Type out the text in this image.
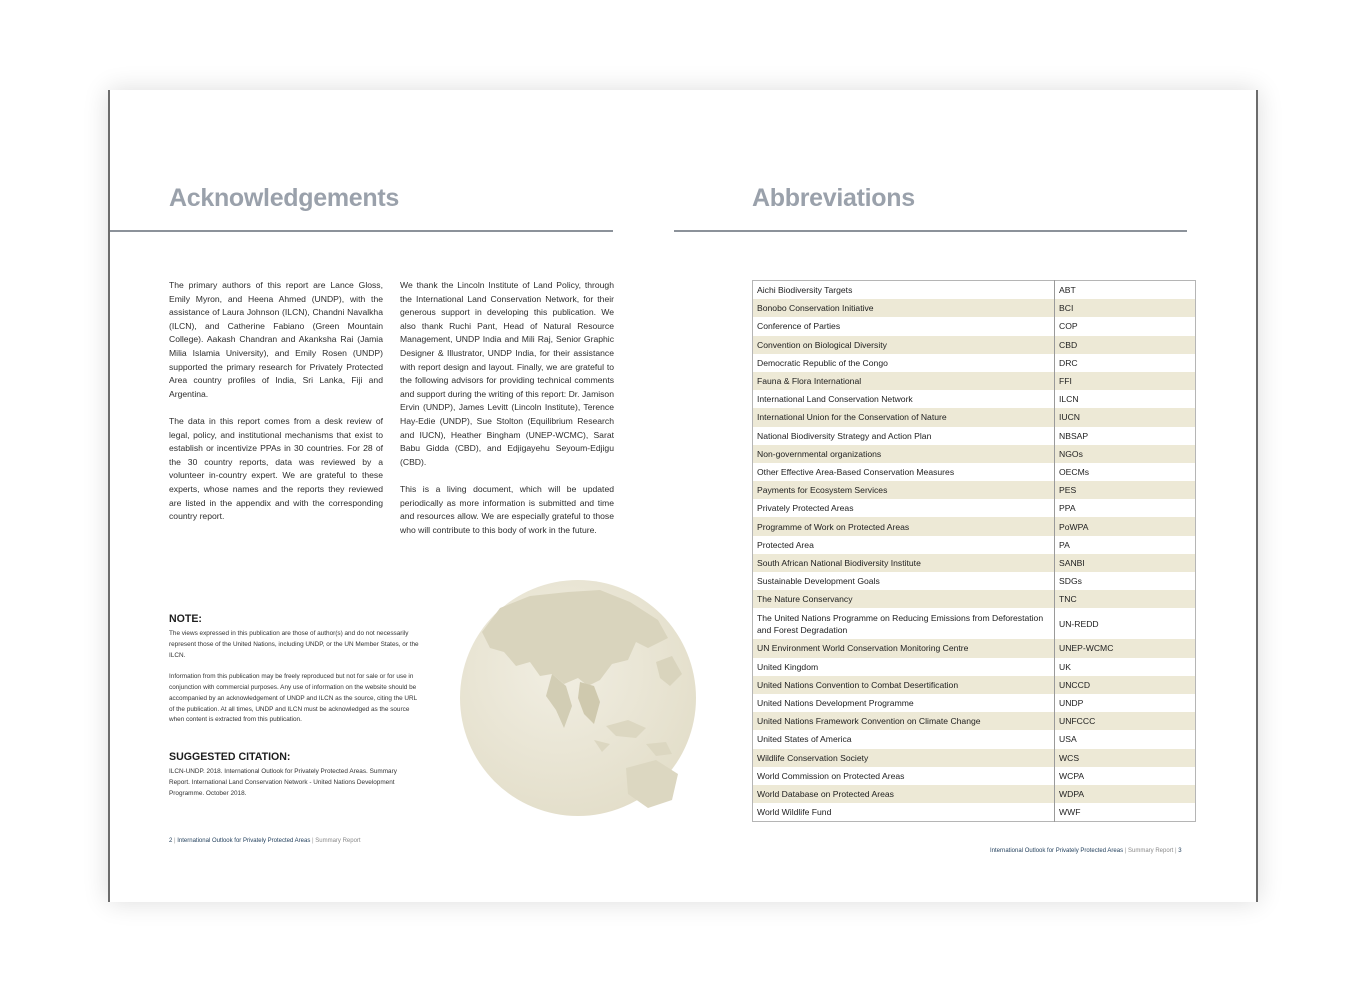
Acknowledgements

The primary authors of this report are Lance Gloss, Emily Myron, and Heena Ahmed (UNDP), with the assistance of Laura Johnson (ILCN), Chandni Navalkha (ILCN), and Catherine Fabiano (Green Mountain College). Aakash Chandran and Akanksha Rai (Jamia Milia Islamia University), and Emily Rosen (UNDP) supported the primary research for Privately Protected Area country profiles of India, Sri Lanka, Fiji and Argentina.

The data in this report comes from a desk review of legal, policy, and institutional mechanisms that exist to establish or incentivize PPAs in 30 countries. For 28 of the 30 country reports, data was reviewed by a volunteer in-country expert. We are grateful to these experts, whose names and the reports they reviewed are listed in the appendix and with the corresponding country report.

We thank the Lincoln Institute of Land Policy, through the International Land Conservation Network, for their generous support in developing this publication. We also thank Ruchi Pant, Head of Natural Resource Management, UNDP India and Mili Raj, Senior Graphic Designer & Illustrator, UNDP India, for their assistance with report design and layout. Finally, we are grateful to the following advisors for providing technical comments and support during the writing of this report: Dr. Jamison Ervin (UNDP), James Levitt (Lincoln Institute), Terence Hay-Edie (UNDP), Sue Stolton (Equilibrium Research and IUCN), Heather Bingham (UNEP-WCMC), Sarat Babu Gidda (CBD), and Edjigayehu Seyoum-Edjigu (CBD).

This is a living document, which will be updated periodically as more information is submitted and time and resources allow. We are especially grateful to those who will contribute to this body of work in the future.

NOTE:

The views expressed in this publication are those of author(s) and do not necessarily represent those of the United Nations, including UNDP, or the UN Member States, or the ILCN.

Information from this publication may be freely reproduced but not for sale or for use in conjunction with commercial purposes. Any use of information on the website should be accompanied by an acknowledgement of UNDP and ILCN as the source, citing the URL of the publication. At all times, UNDP and ILCN must be acknowledged as the source when content is extracted from this publication.

SUGGESTED CITATION:

ILCN-UNDP. 2018. International Outlook for Privately Protected Areas. Summary Report. International Land Conservation Network - United Nations Development Programme. October 2018.

2 | International Outlook for Privately Protected Areas | Summary Report
Abbreviations
Aichi Biodiversity Targets	ABT
Bonobo Conservation Initiative	BCI
Conference of Parties	COP
Convention on Biological Diversity	CBD
Democratic Republic of the Congo	DRC
Fauna & Flora International	FFI
International Land Conservation Network	ILCN
International Union for the Conservation of Nature	IUCN
National Biodiversity Strategy and Action Plan	NBSAP
Non-governmental organizations	NGOs
Other Effective Area-Based Conservation Measures	OECMs
Payments for Ecosystem Services	PES
Privately Protected Areas	PPA
Programme of Work on Protected Areas	PoWPA
Protected Area	PA
South African National Biodiversity Institute	SANBI
Sustainable Development Goals	SDGs
The Nature Conservancy	TNC
The United Nations Programme on Reducing Emissions from Deforestation and Forest Degradation	UN-REDD
UN Environment World Conservation Monitoring Centre	UNEP-WCMC
United Kingdom	UK
United Nations Convention to Combat Desertification	UNCCD
United Nations Development Programme	UNDP
United Nations Framework Convention on Climate Change	UNFCCC
United States of America	USA
Wildlife Conservation Society	WCS
World Commission on Protected Areas	WCPA
World Database on Protected Areas	WDPA
World Wildlife Fund	WWF
International Outlook for Privately Protected Areas | Summary Report | 3
